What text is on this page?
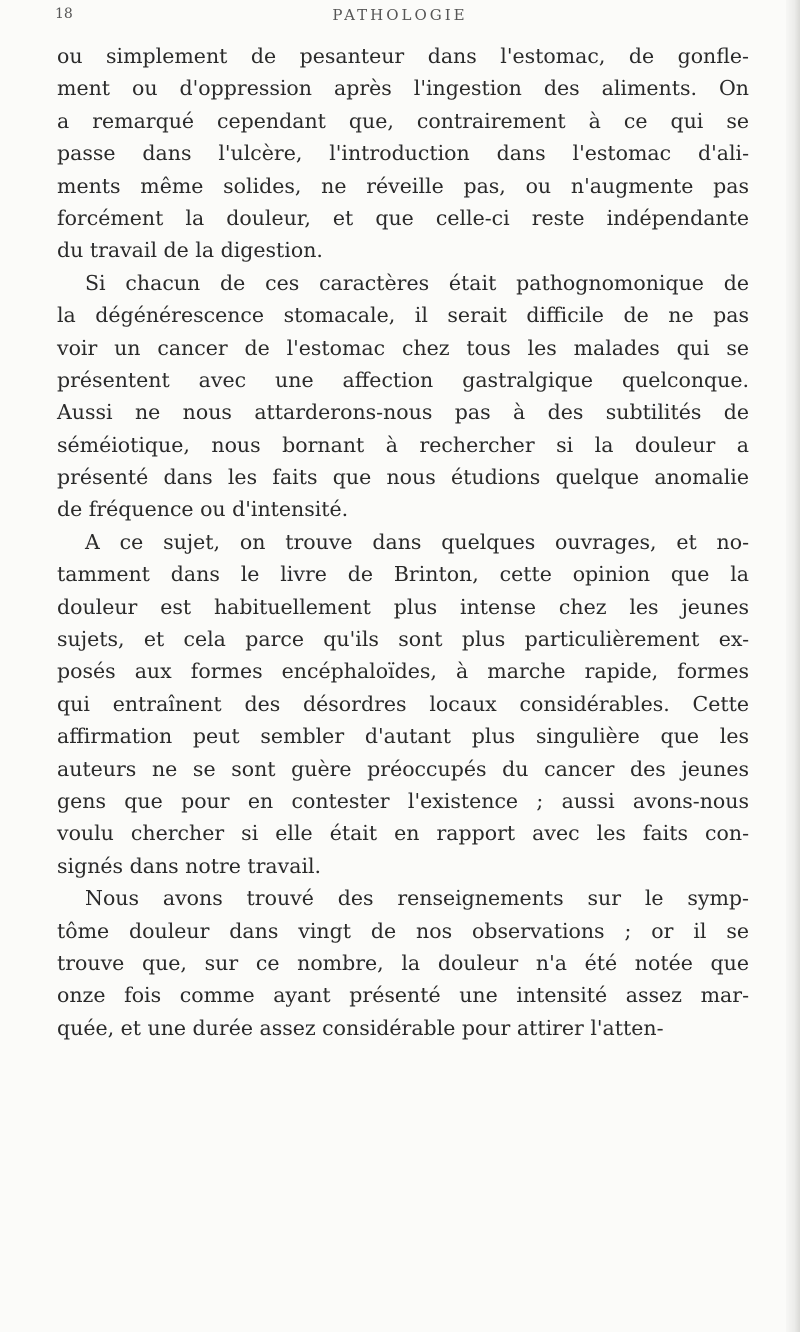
18	PATHOLOGIE
ou simplement de pesanteur dans l'estomac, de gonfle-
ment ou d'oppression après l'ingestion des aliments. On
a remarqué cependant que, contrairement à ce qui se
passe dans l'ulcère, l'introduction dans l'estomac d'ali-
ments même solides, ne réveille pas, ou n'augmente pas
forcément la douleur, et que celle-ci reste indépendante
du travail de la digestion.
Si chacun de ces caractères était pathognomonique de
la dégénérescence stomacale, il serait difficile de ne pas
voir un cancer de l'estomac chez tous les malades qui se
présentent avec une affection gastralgique quelconque.
Aussi ne nous attarderons-nous pas à des subtilités de
séméiotique, nous bornant à rechercher si la douleur a
présenté dans les faits que nous étudions quelque anomalie
de fréquence ou d'intensité.
A ce sujet, on trouve dans quelques ouvrages, et no-
tamment dans le livre de Brinton, cette opinion que la
douleur est habituellement plus intense chez les jeunes
sujets, et cela parce qu'ils sont plus particulièrement ex-
posés aux formes encéphaloïdes, à marche rapide, formes
qui entraînent des désordres locaux considérables. Cette
affirmation peut sembler d'autant plus singulière que les
auteurs ne se sont guère préoccupés du cancer des jeunes
gens que pour en contester l'existence ; aussi avons-nous
voulu chercher si elle était en rapport avec les faits con-
signés dans notre travail.
Nous avons trouvé des renseignements sur le symp-
tôme douleur dans vingt de nos observations ; or il se
trouve que, sur ce nombre, la douleur n'a été notée que
onze fois comme ayant présenté une intensité assez mar-
quée, et une durée assez considérable pour attirer l'atten-
